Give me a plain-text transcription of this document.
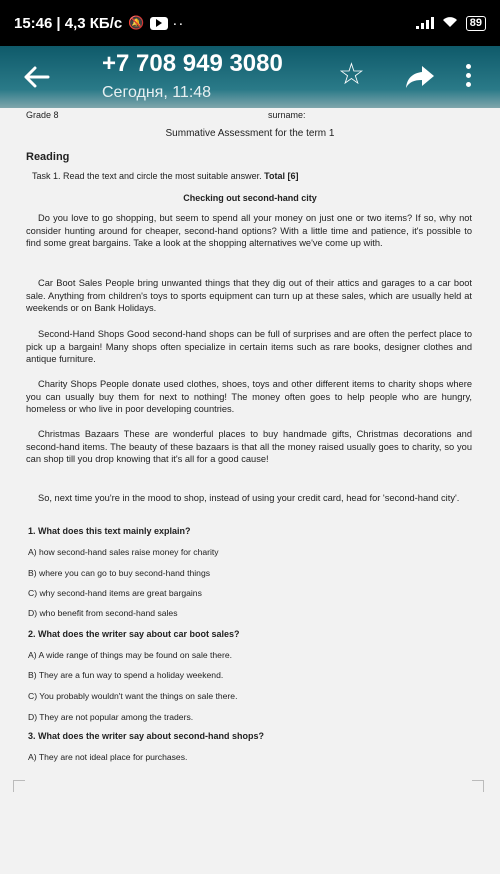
15:46 | 4,3 КБ/с 🔕 ··	89
+7 708 949 3080
Сегодня, 11:48
☆
Grade 8	surname:
Summative Assessment for the term 1
Reading
Task 1. Read the text and circle the most suitable answer. Total [6]
Checking out second-hand city

Do you love to go shopping, but seem to spend all your money on just one or two items? If so, why not consider hunting around for cheaper, second-hand options? With a little time and patience, it's possible to find some great bargains. Take a look at the shopping alternatives we've come up with.

Car Boot Sales People bring unwanted things that they dig out of their attics and garages to a car boot sale. Anything from children's toys to sports equipment can turn up at these sales, which are usually held at weekends or on Bank Holidays.

Second-Hand Shops Good second-hand shops can be full of surprises and are often the perfect place to pick up a bargain! Many shops often specialize in certain items such as rare books, designer clothes and antique furniture.

Charity Shops People donate used clothes, shoes, toys and other different items to charity shops where you can usually buy them for next to nothing! The money often goes to help people who are hungry, homeless or who live in poor developing countries.

Christmas Bazaars These are wonderful places to buy handmade gifts, Christmas decorations and second-hand items. The beauty of these bazaars is that all the money raised usually goes to charity, so you can shop till you drop knowing that it's all for a good cause!

So, next time you're in the mood to shop, instead of using your credit card, head for 'second-hand city'.

1. What does this text mainly explain?
A) how second-hand sales raise money for charity
B) where you can go to buy second-hand things
C) why second-hand items are great bargains
D) who benefit from second-hand sales
2. What does the writer say about car boot sales?
A) A wide range of things may be found on sale there.
B) They are a fun way to spend a holiday weekend.
C) You probably wouldn't want the things on sale there.
D) They are not popular among the traders.
3. What does the writer say about second-hand shops?
A) They are not ideal place for purchases.
